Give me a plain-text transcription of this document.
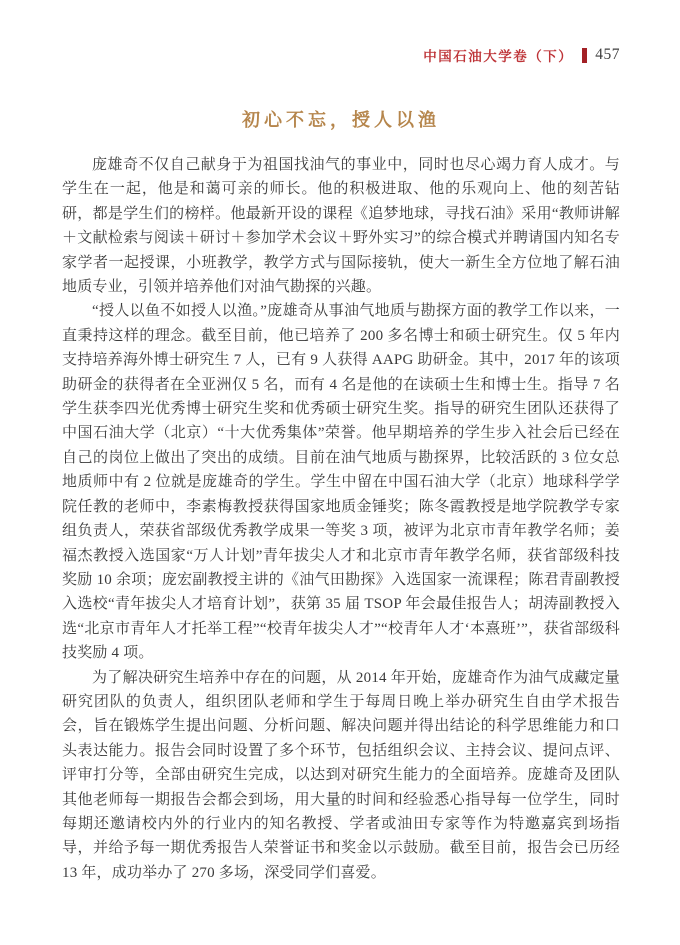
中国石油大学卷（下） 457
初心不忘，授人以渔

庞雄奇不仅自己献身于为祖国找油气的事业中，同时也尽心竭力育人成才。与学生在一起，他是和蔼可亲的师长。他的积极进取、他的乐观向上、他的刻苦钻研，都是学生们的榜样。他最新开设的课程《追梦地球，寻找石油》采用“教师讲解＋文献检索与阅读＋研讨＋参加学术会议＋野外实习”的综合模式并聘请国内知名专家学者一起授课，小班教学，教学方式与国际接轨，使大一新生全方位地了解石油地质专业，引领并培养他们对油气勘探的兴趣。

“授人以鱼不如授人以渔。”庞雄奇从事油气地质与勘探方面的教学工作以来，一直秉持这样的理念。截至目前，他已培养了 200 多名博士和硕士研究生。仅 5 年内支持培养海外博士研究生 7 人，已有 9 人获得 AAPG 助研金。其中，2017 年的该项助研金的获得者在全亚洲仅 5 名，而有 4 名是他的在读硕士生和博士生。指导 7 名学生获李四光优秀博士研究生奖和优秀硕士研究生奖。指导的研究生团队还获得了中国石油大学（北京）“十大优秀集体”荣誉。他早期培养的学生步入社会后已经在自己的岗位上做出了突出的成绩。目前在油气地质与勘探界，比较活跃的 3 位女总地质师中有 2 位就是庞雄奇的学生。学生中留在中国石油大学（北京）地球科学学院任教的老师中，李素梅教授获得国家地质金锤奖；陈冬霞教授是地学院教学专家组负责人，荣获省部级优秀教学成果一等奖 3 项，被评为北京市青年教学名师；姜福杰教授入选国家“万人计划”青年拔尖人才和北京市青年教学名师，获省部级科技奖励 10 余项；庞宏副教授主讲的《油气田勘探》入选国家一流课程；陈君青副教授入选校“青年拔尖人才培育计划”，获第 35 届 TSOP 年会最佳报告人；胡涛副教授入选“北京市青年人才托举工程”“校青年拔尖人才”“校青年人才‘本熹班’”，获省部级科技奖励 4 项。

为了解决研究生培养中存在的问题，从 2014 年开始，庞雄奇作为油气成藏定量研究团队的负责人，组织团队老师和学生于每周日晚上举办研究生自由学术报告会，旨在锻炼学生提出问题、分析问题、解决问题并得出结论的科学思维能力和口头表达能力。报告会同时设置了多个环节，包括组织会议、主持会议、提问点评、评审打分等，全部由研究生完成，以达到对研究生能力的全面培养。庞雄奇及团队其他老师每一期报告会都会到场，用大量的时间和经验悉心指导每一位学生，同时每期还邀请校内外的行业内的知名教授、学者或油田专家等作为特邀嘉宾到场指导，并给予每一期优秀报告人荣誉证书和奖金以示鼓励。截至目前，报告会已历经 13 年，成功举办了 270 多场，深受同学们喜爱。
